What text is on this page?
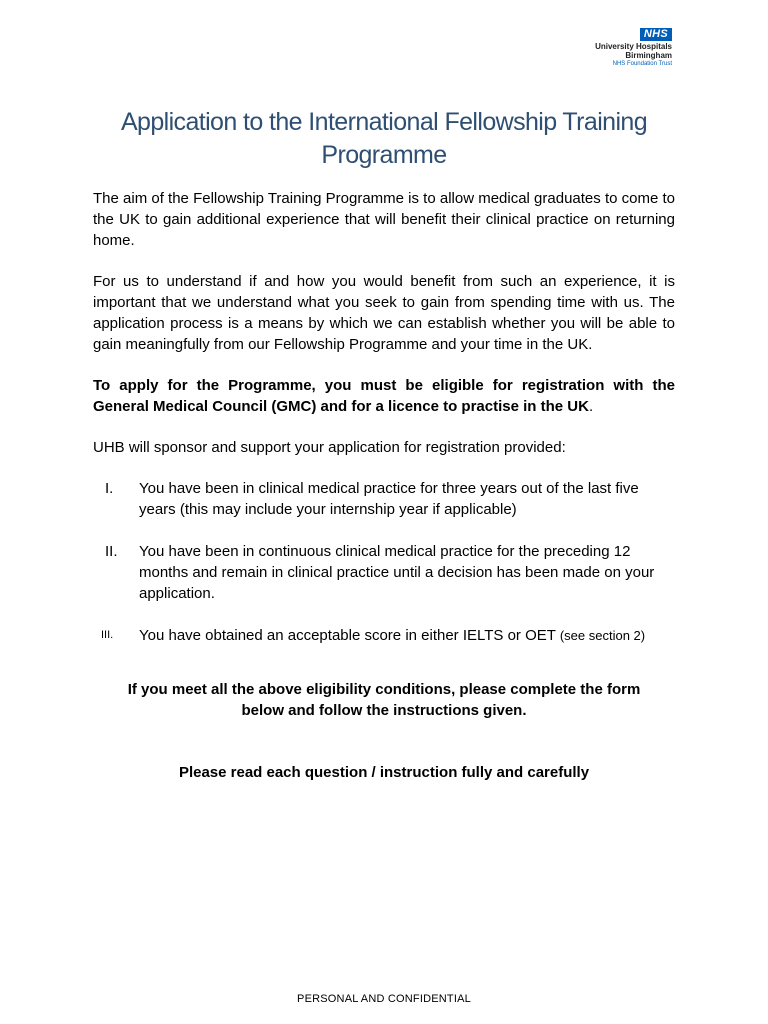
NHS
University Hospitals
Birmingham
NHS Foundation Trust
Application to the International Fellowship Training
Programme

The aim of the Fellowship Training Programme is to allow medical graduates to come to the UK to gain additional experience that will benefit their clinical practice on returning home.

For us to understand if and how you would benefit from such an experience, it is important that we understand what you seek to gain from spending time with us. The application process is a means by which we can establish whether you will be able to gain meaningfully from our Fellowship Programme and your time in the UK.

To apply for the Programme, you must be eligible for registration with the General Medical Council (GMC) and for a licence to practise in the UK.

UHB will sponsor and support your application for registration provided:

I. You have been in clinical medical practice for three years out of the last five years (this may include your internship year if applicable)
II. You have been in continuous clinical medical practice for the preceding 12 months and remain in clinical practice until a decision has been made on your application.
III. You have obtained an acceptable score in either IELTS or OET (see section 2)

If you meet all the above eligibility conditions, please complete the form

below and follow the instructions given.

Please read each question / instruction fully and carefully

PERSONAL AND CONFIDENTIAL
